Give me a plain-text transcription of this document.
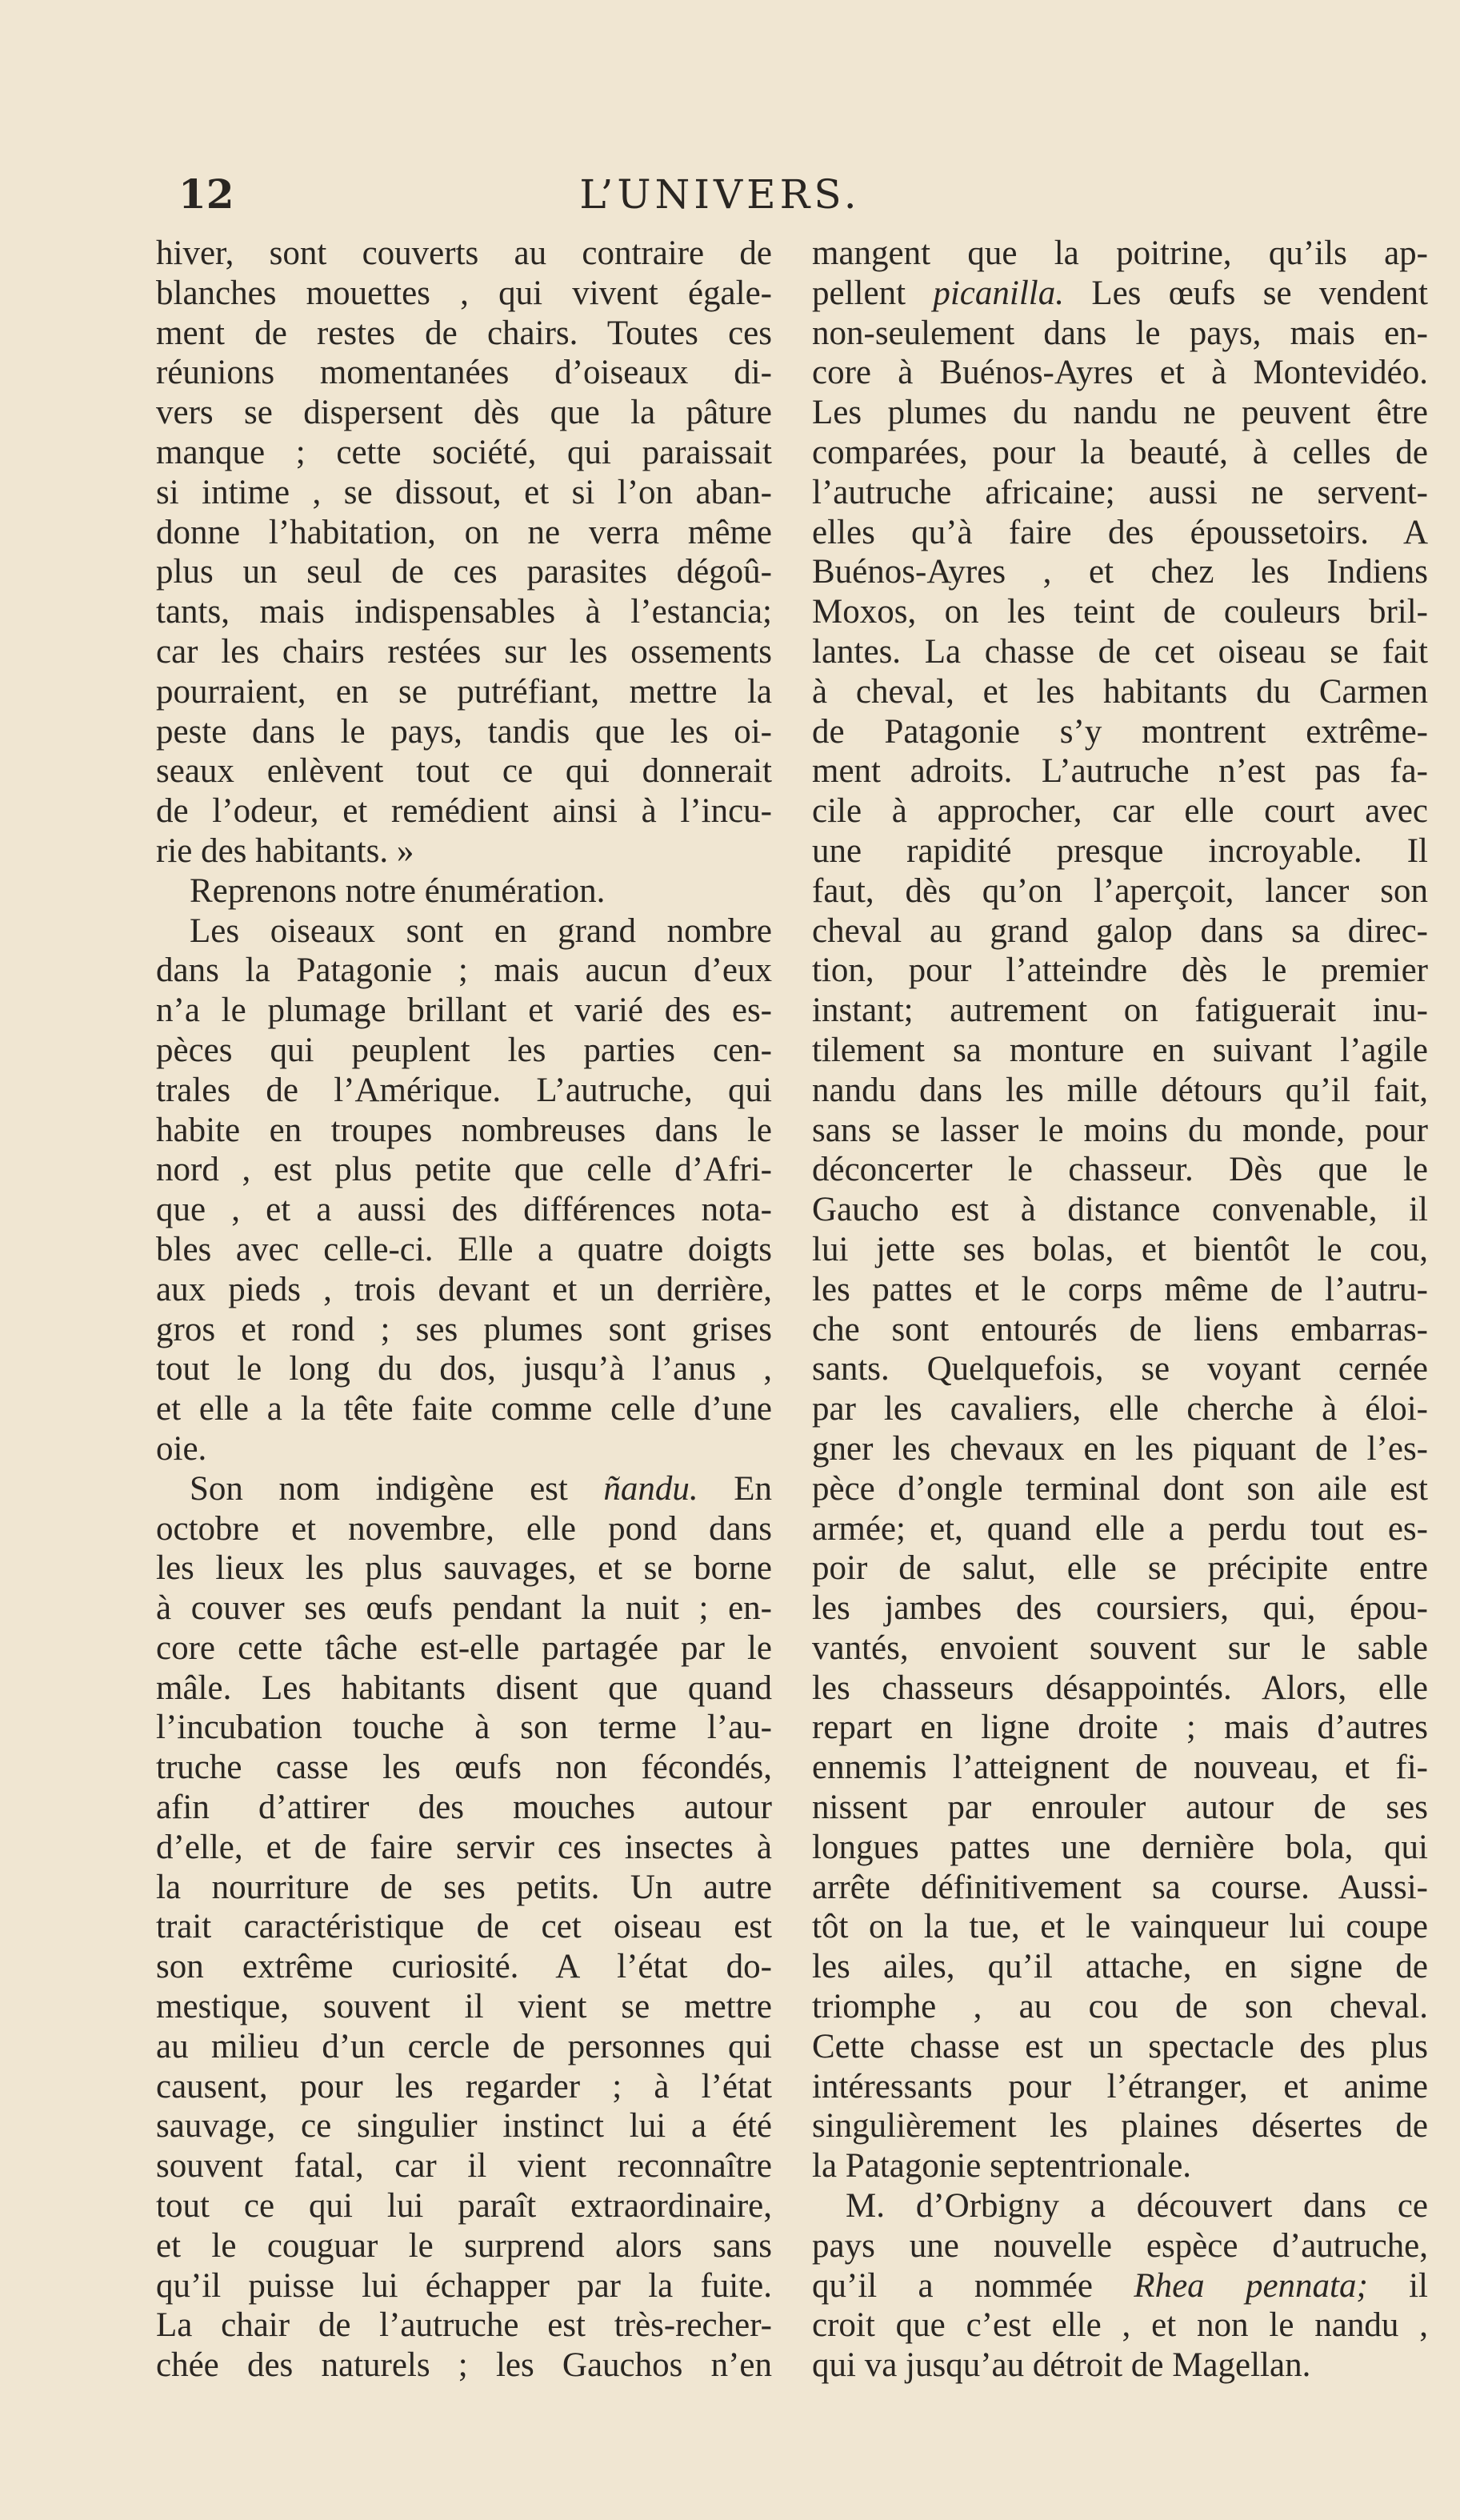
12	L’UNIVERS.
hiver, sont couverts au contraire de
blanches mouettes , qui vivent égale-
ment de restes de chairs. Toutes ces
réunions momentanées d’oiseaux di-
vers se dispersent dès que la pâture
manque ; cette société, qui paraissait
si intime , se dissout, et si l’on aban-
donne l’habitation, on ne verra même
plus un seul de ces parasites dégoû-
tants, mais indispensables à l’estancia;
car les chairs restées sur les ossements
pourraient, en se putréfiant, mettre la
peste dans le pays, tandis que les oi-
seaux enlèvent tout ce qui donnerait
de l’odeur, et remédient ainsi à l’incu-
rie des habitants. »
Reprenons notre énumération.
Les oiseaux sont en grand nombre
dans la Patagonie ; mais aucun d’eux
n’a le plumage brillant et varié des es-
pèces qui peuplent les parties cen-
trales de l’Amérique. L’autruche, qui
habite en troupes nombreuses dans le
nord , est plus petite que celle d’Afri-
que , et a aussi des différences nota-
bles avec celle-ci. Elle a quatre doigts
aux pieds , trois devant et un derrière,
gros et rond ; ses plumes sont grises
tout le long du dos, jusqu’à l’anus ,
et elle a la tête faite comme celle d’une
oie.
Son nom indigène est ñandu. En
octobre et novembre, elle pond dans
les lieux les plus sauvages, et se borne
à couver ses œufs pendant la nuit ; en-
core cette tâche est-elle partagée par le
mâle. Les habitants disent que quand
l’incubation touche à son terme l’au-
truche casse les œufs non fécondés,
afin d’attirer des mouches autour
d’elle, et de faire servir ces insectes à
la nourriture de ses petits. Un autre
trait caractéristique de cet oiseau est
son extrême curiosité. A l’état do-
mestique, souvent il vient se mettre
au milieu d’un cercle de personnes qui
causent, pour les regarder ; à l’état
sauvage, ce singulier instinct lui a été
souvent fatal, car il vient reconnaître
tout ce qui lui paraît extraordinaire,
et le couguar le surprend alors sans
qu’il puisse lui échapper par la fuite.
La chair de l’autruche est très-recher-
chée des naturels ; les Gauchos n’en
mangent que la poitrine, qu’ils ap-
pellent picanilla. Les œufs se vendent
non-seulement dans le pays, mais en-
core à Buénos-Ayres et à Montevidéo.
Les plumes du nandu ne peuvent être
comparées, pour la beauté, à celles de
l’autruche africaine; aussi ne servent-
elles qu’à faire des époussetoirs. A
Buénos-Ayres , et chez les Indiens
Moxos, on les teint de couleurs bril-
lantes. La chasse de cet oiseau se fait
à cheval, et les habitants du Carmen
de Patagonie s’y montrent extrême-
ment adroits. L’autruche n’est pas fa-
cile à approcher, car elle court avec
une rapidité presque incroyable. Il
faut, dès qu’on l’aperçoit, lancer son
cheval au grand galop dans sa direc-
tion, pour l’atteindre dès le premier
instant; autrement on fatiguerait inu-
tilement sa monture en suivant l’agile
nandu dans les mille détours qu’il fait,
sans se lasser le moins du monde, pour
déconcerter le chasseur. Dès que le
Gaucho est à distance convenable, il
lui jette ses bolas, et bientôt le cou,
les pattes et le corps même de l’autru-
che sont entourés de liens embarras-
sants. Quelquefois, se voyant cernée
par les cavaliers, elle cherche à éloi-
gner les chevaux en les piquant de l’es-
pèce d’ongle terminal dont son aile est
armée; et, quand elle a perdu tout es-
poir de salut, elle se précipite entre
les jambes des coursiers, qui, épou-
vantés, envoient souvent sur le sable
les chasseurs désappointés. Alors, elle
repart en ligne droite ; mais d’autres
ennemis l’atteignent de nouveau, et fi-
nissent par enrouler autour de ses
longues pattes une dernière bola, qui
arrête définitivement sa course. Aussi-
tôt on la tue, et le vainqueur lui coupe
les ailes, qu’il attache, en signe de
triomphe , au cou de son cheval.
Cette chasse est un spectacle des plus
intéressants pour l’étranger, et anime
singulièrement les plaines désertes de
la Patagonie septentrionale.
M. d’Orbigny a découvert dans ce
pays une nouvelle espèce d’autruche,
qu’il a nommée Rhea pennata; il
croit que c’est elle , et non le nandu ,
qui va jusqu’au détroit de Magellan.
